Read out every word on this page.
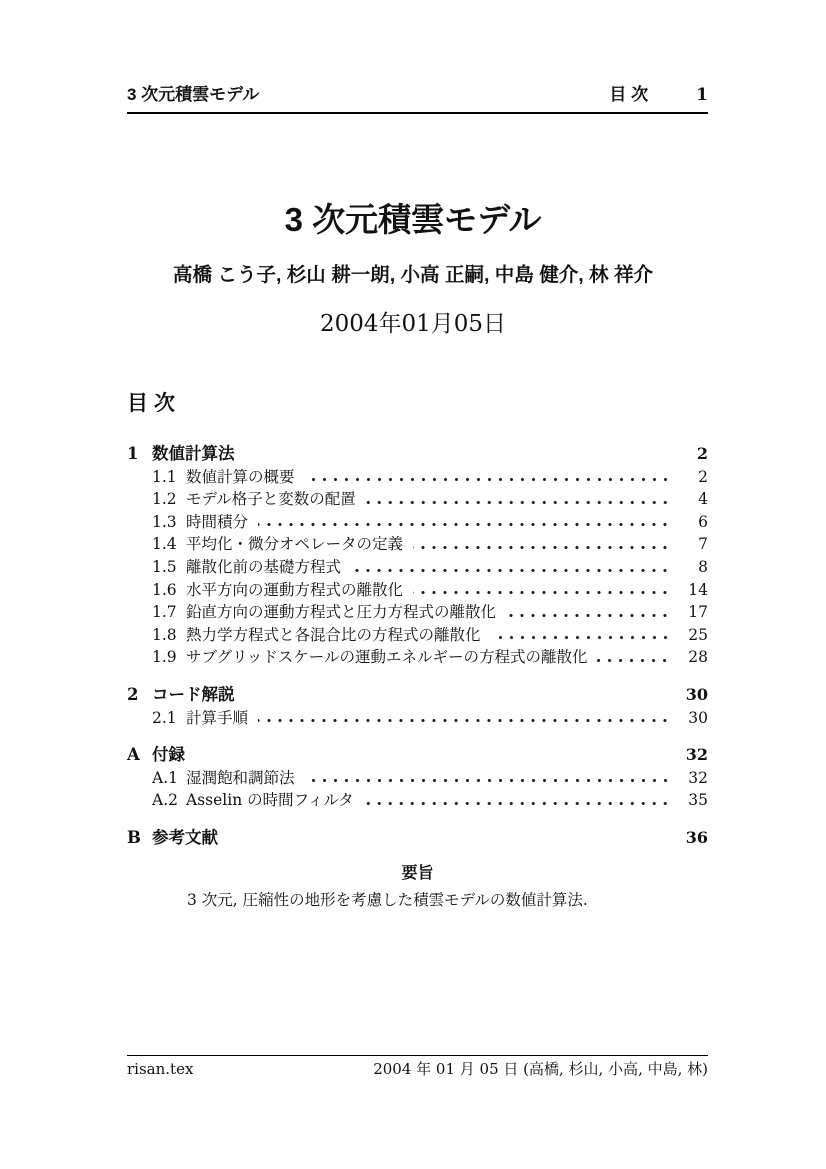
3 次元積雲モデル	目 次	1
3 次元積雲モデル
高橋 こう子, 杉山 耕一朗, 小高 正嗣, 中島 健介, 林 祥介
2004年01月05日
目 次
1 数値計算法	2
1.1 数値計算の概要	2
1.2 モデル格子と変数の配置	4
1.3 時間積分	6
1.4 平均化・微分オペレータの定義	7
1.5 離散化前の基礎方程式	8
1.6 水平方向の運動方程式の離散化	14
1.7 鉛直方向の運動方程式と圧力方程式の離散化	17
1.8 熱力学方程式と各混合比の方程式の離散化	25
1.9 サブグリッドスケールの運動エネルギーの方程式の離散化	28
2 コード解説	30
2.1 計算手順	30
A 付録	32
A.1 湿潤飽和調節法	32
A.2 Asselin の時間フィルタ	35
B 参考文献	36
要旨
3 次元, 圧縮性の地形を考慮した積雲モデルの数値計算法.
risan.tex	2004 年 01 月 05 日 (高橋, 杉山, 小高, 中島, 林)
